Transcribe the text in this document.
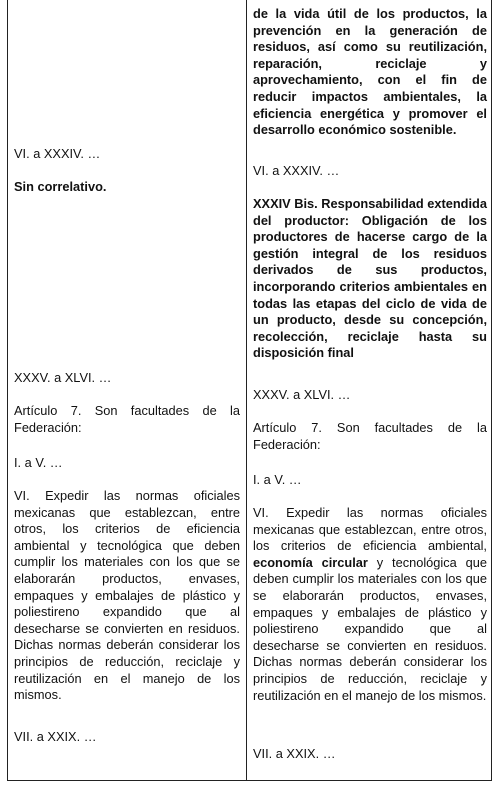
VI. a XXXIV. …

Sin correlativo.

XXXV. a XLVI. …

Artículo 7. Son facultades de la Federación:

I. a V. …

VI. Expedir las normas oficiales mexicanas que establezcan, entre otros, los criterios de eficiencia ambiental y tecnológica que deben cumplir los materiales con los que se elaborarán productos, envases, empaques y embalajes de plástico y poliestireno expandido que al desecharse se convierten en residuos. Dichas normas deberán considerar los principios de reducción, reciclaje y reutilización en el manejo de los mismos.

VII. a XXIX. …

de la vida útil de los productos, la prevención en la generación de residuos, así como su reutilización, reparación, reciclaje y aprovechamiento, con el fin de reducir impactos ambientales, la eficiencia energética y promover el desarrollo económico sostenible.

VI. a XXXIV. …

XXXIV Bis. Responsabilidad extendida del productor: Obligación de los productores de hacerse cargo de la gestión integral de los residuos derivados de sus productos, incorporando criterios ambientales en todas las etapas del ciclo de vida de un producto, desde su concepción, recolección, reciclaje hasta su disposición final

XXXV. a XLVI. …

Artículo 7. Son facultades de la Federación:

I. a V. …

VI. Expedir las normas oficiales mexicanas que establezcan, entre otros, los criterios de eficiencia ambiental, economía circular y tecnológica que deben cumplir los materiales con los que se elaborarán productos, envases, empaques y embalajes de plástico y poliestireno expandido que al desecharse se convierten en residuos. Dichas normas deberán considerar los principios de reducción, reciclaje y reutilización en el manejo de los mismos.

VII. a XXIX. …
